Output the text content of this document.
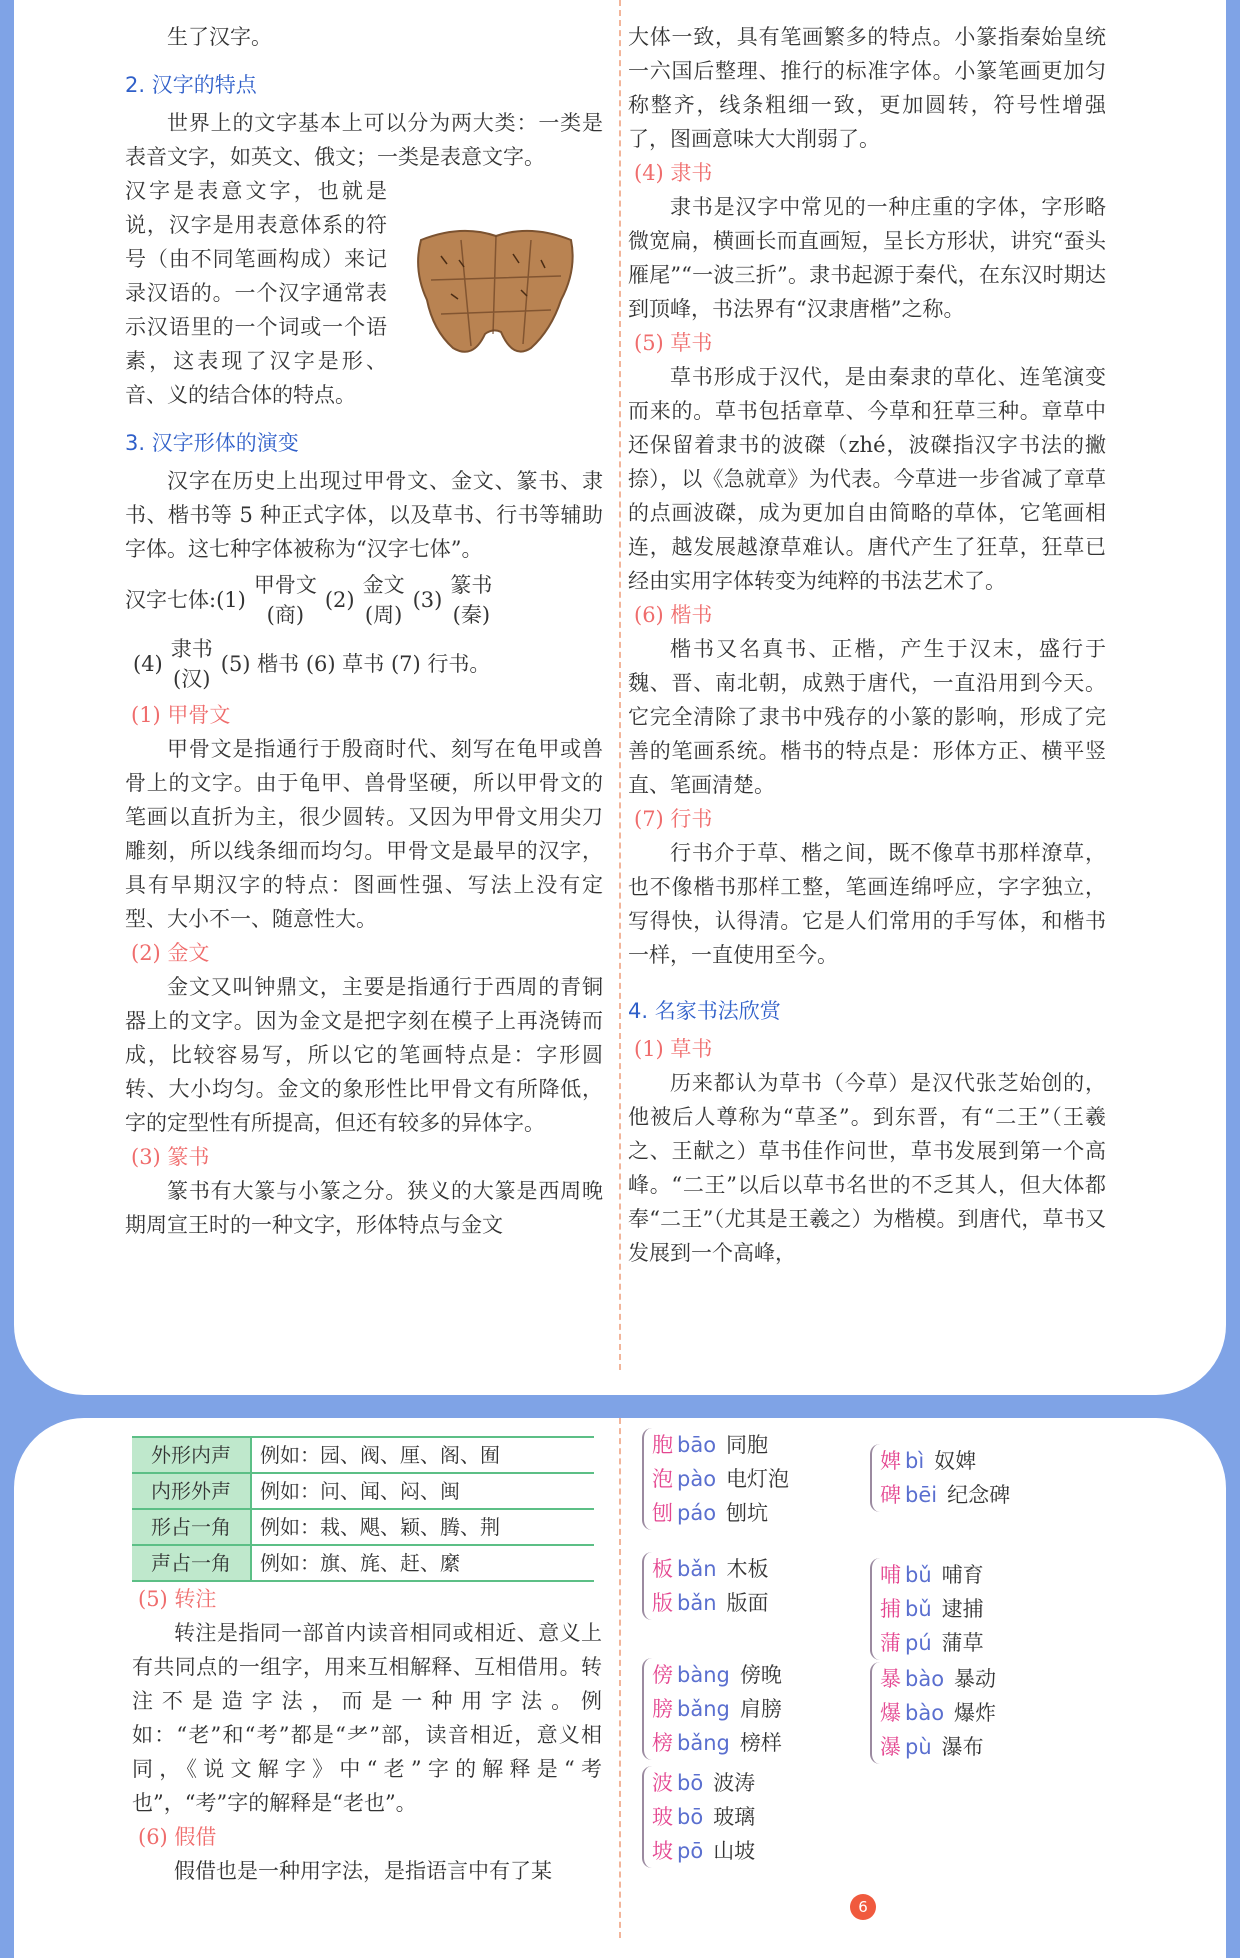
生了汉字。

2. 汉字的特点

世界上的文字基本上可以分为两大类：一类是表音文字，如英文、俄文；一类是表意文字。

汉字是表意文字，也就是说，汉字是用表意体系的符号（由不同笔画构成）来记录汉语的。一个汉字通常表示汉语里的一个词或一个语素，这表现了汉字是形、音、义的结合体的特点。

3. 汉字形体的演变

汉字在历史上出现过甲骨文、金文、篆书、隶书、楷书等 5 种正式字体，以及草书、行书等辅助字体。这七种字体被称为“汉字七体”。

汉字七体: (1)
甲骨文
(商)
(2)
金文
(周)
(3)
篆书
(秦)
(4)
隶书
(汉)
(5) 楷书 (6) 草书 (7) 行书。
(1) 甲骨文

甲骨文是指通行于殷商时代、刻写在龟甲或兽骨上的文字。由于龟甲、兽骨坚硬，所以甲骨文的笔画以直折为主，很少圆转。又因为甲骨文用尖刀雕刻，所以线条细而均匀。甲骨文是最早的汉字，具有早期汉字的特点：图画性强、写法上没有定型、大小不一、随意性大。

(2) 金文

金文又叫钟鼎文，主要是指通行于西周的青铜器上的文字。因为金文是把字刻在模子上再浇铸而成，比较容易写，所以它的笔画特点是：字形圆转、大小均匀。金文的象形性比甲骨文有所降低，字的定型性有所提高，但还有较多的异体字。

(3) 篆书

篆书有大篆与小篆之分。狭义的大篆是西周晚期周宣王时的一种文字，形体特点与金文

大体一致，具有笔画繁多的特点。小篆指秦始皇统一六国后整理、推行的标准字体。小篆笔画更加匀称整齐，线条粗细一致，更加圆转，符号性增强了，图画意味大大削弱了。

(4) 隶书

隶书是汉字中常见的一种庄重的字体，字形略微宽扁，横画长而直画短，呈长方形状，讲究“蚕头雁尾”“一波三折”。隶书起源于秦代，在东汉时期达到顶峰，书法界有“汉隶唐楷”之称。

(5) 草书

草书形成于汉代，是由秦隶的草化、连笔演变而来的。草书包括章草、今草和狂草三种。章草中还保留着隶书的波磔（zhé，波磔指汉字书法的撇捺），以《急就章》为代表。今草进一步省减了章草的点画波磔，成为更加自由简略的草体，它笔画相连，越发展越潦草难认。唐代产生了狂草，狂草已经由实用字体转变为纯粹的书法艺术了。

(6) 楷书

楷书又名真书、正楷，产生于汉末，盛行于魏、晋、南北朝，成熟于唐代，一直沿用到今天。它完全清除了隶书中残存的小篆的影响，形成了完善的笔画系统。楷书的特点是：形体方正、横平竖直、笔画清楚。

(7) 行书

行书介于草、楷之间，既不像草书那样潦草，也不像楷书那样工整，笔画连绵呼应，字字独立，写得快，认得清。它是人们常用的手写体，和楷书一样，一直使用至今。

4. 名家书法欣赏
(1) 草书

历来都认为草书（今草）是汉代张芝始创的，他被后人尊称为“草圣”。到东晋，有“二王”（王羲之、王献之）草书佳作问世，草书发展到第一个高峰。“二王”以后以草书名世的不乏其人，但大体都奉“二王”（尤其是王羲之）为楷模。到唐代，草书又发展到一个高峰，

外形内声	例如：园、阀、厘、阁、囿
内形外声	例如：问、闻、闷、闽
形占一角	例如：栽、飓、颖、腾、荆
声占一角	例如：旗、旄、赶、縻
(5) 转注

转注是指同一部首内读音相同或相近、意义上有共同点的一组字，用来互相解释、互相借用。转注不是造字法，而是一种用字法。例如：“老”和“考”都是“耂”部，读音相近，意义相同，《说文解字》中“老”字的解释是“考也”，“考”字的解释是“老也”。

(6) 假借

假借也是一种用字法，是指语言中有了某

胞 bāo 同胞
泡 pào 电灯泡
刨 páo 刨坑
板 bǎn 木板
版 bǎn 版面
傍 bàng 傍晚
膀 bǎng 肩膀
榜 bǎng 榜样
波 bō 波涛
玻 bō 玻璃
坡 pō 山坡
婢 bì 奴婢
碑 bēi 纪念碑
哺 bǔ 哺育
捕 bǔ 逮捕
蒲 pú 蒲草
暴 bào 暴动
爆 bào 爆炸
瀑 pù 瀑布
6
